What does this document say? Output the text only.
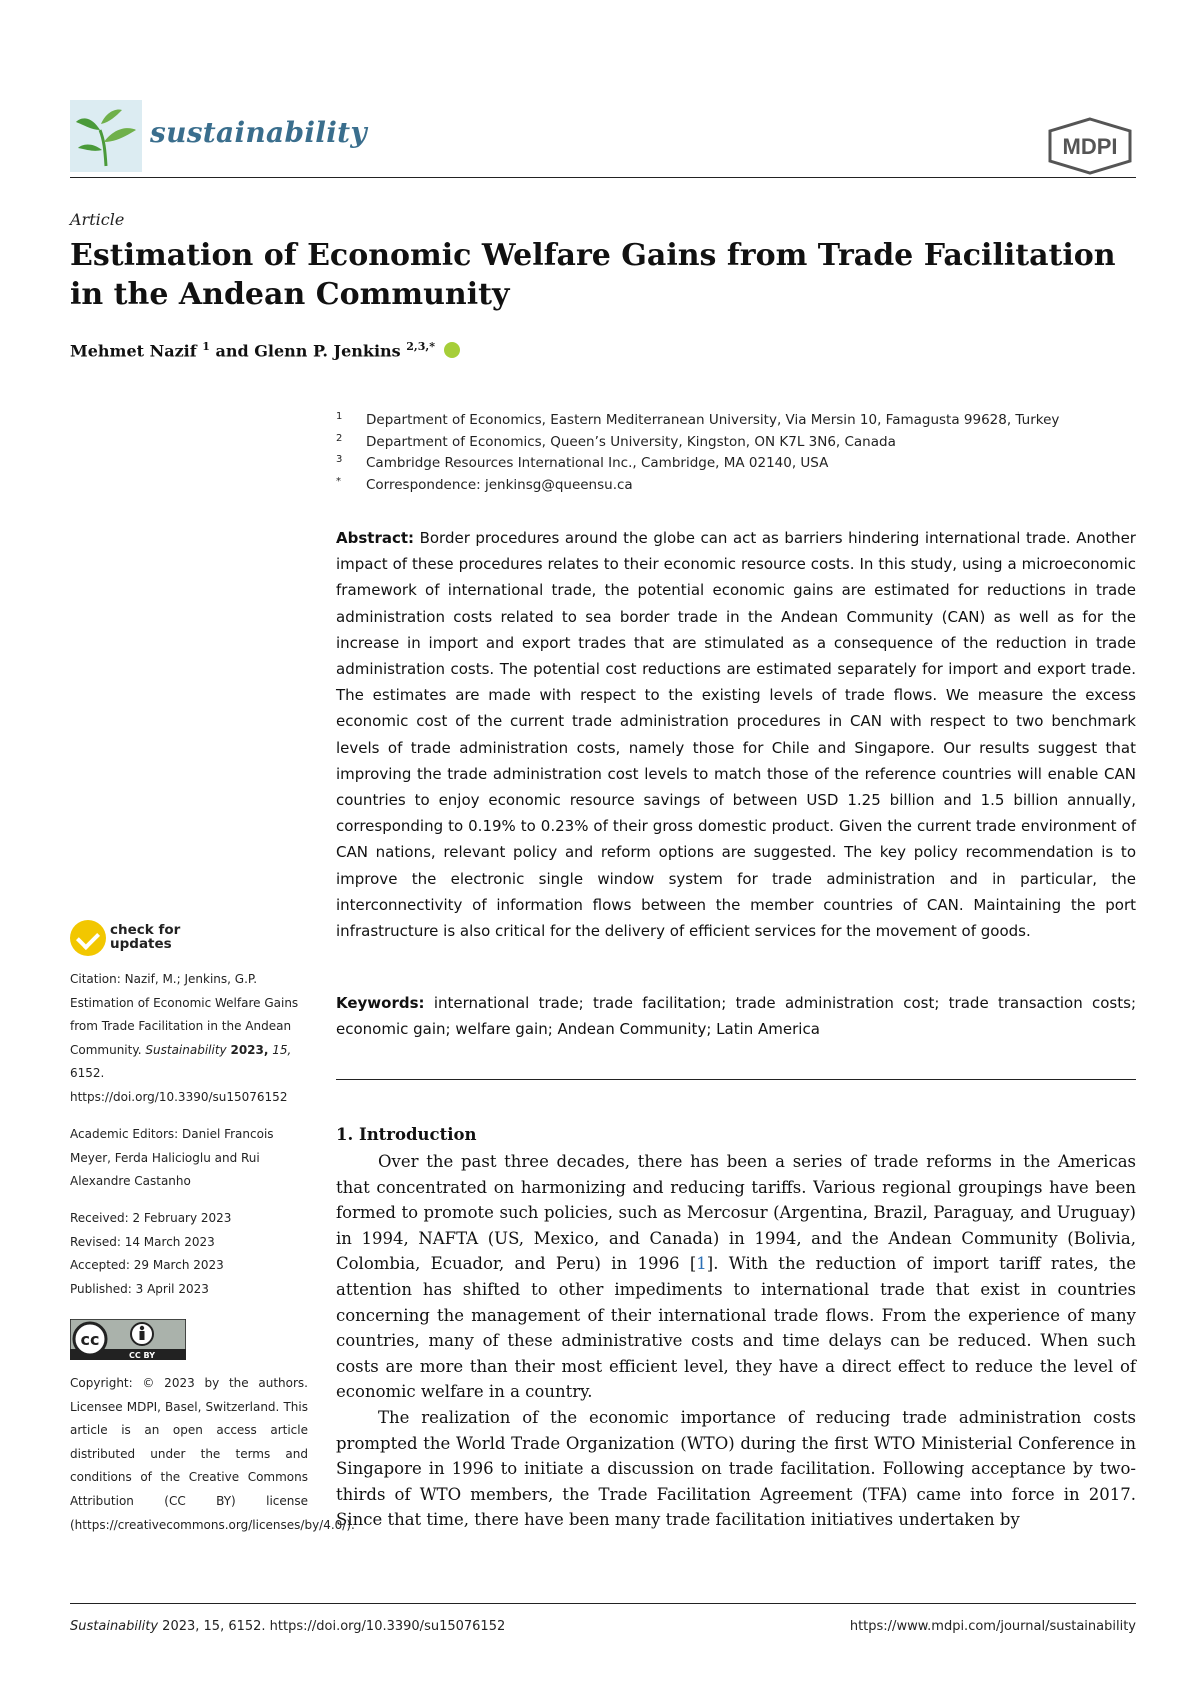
sustainability	MDPI
Article
Estimation of Economic Welfare Gains from Trade Facilitation in the Andean Community
Mehmet Nazif $^1$ and Glenn P. Jenkins $^{2,3,*}$
1 Department of Economics, Eastern Mediterranean University, Via Mersin 10, Famagusta 99628, Turkey
2 Department of Economics, Queen’s University, Kingston, ON K7L 3N6, Canada
3 Cambridge Resources International Inc., Cambridge, MA 02140, USA
* Correspondence: jenkinsg@queensu.ca
Abstract: Border procedures around the globe can act as barriers hindering international trade. Another impact of these procedures relates to their economic resource costs. In this study, using a microeconomic framework of international trade, the potential economic gains are estimated for reductions in trade administration costs related to sea border trade in the Andean Community (CAN) as well as for the increase in import and export trades that are stimulated as a consequence of the reduction in trade administration costs. The potential cost reductions are estimated separately for import and export trade. The estimates are made with respect to the existing levels of trade flows. We measure the excess economic cost of the current trade administration procedures in CAN with respect to two benchmark levels of trade administration costs, namely those for Chile and Singapore. Our results suggest that improving the trade administration cost levels to match those of the reference countries will enable CAN countries to enjoy economic resource savings of between USD 1.25 billion and 1.5 billion annually, corresponding to 0.19% to 0.23% of their gross domestic product. Given the current trade environment of CAN nations, relevant policy and reform options are suggested. The key policy recommendation is to improve the electronic single window system for trade administration and in particular, the interconnectivity of information flows between the member countries of CAN. Maintaining the port infrastructure is also critical for the delivery of efficient services for the movement of goods.
Keywords: international trade; trade facilitation; trade administration cost; trade transaction costs; economic gain; welfare gain; Andean Community; Latin America
1. Introduction

Over the past three decades, there has been a series of trade reforms in the Americas that concentrated on harmonizing and reducing tariffs. Various regional groupings have been formed to promote such policies, such as Mercosur (Argentina, Brazil, Paraguay, and Uruguay) in 1994, NAFTA (US, Mexico, and Canada) in 1994, and the Andean Community (Bolivia, Colombia, Ecuador, and Peru) in 1996 [1]. With the reduction of import tariff rates, the attention has shifted to other impediments to international trade that exist in countries concerning the management of their international trade flows. From the experience of many countries, many of these administrative costs and time delays can be reduced. When such costs are more than their most efficient level, they have a direct effect to reduce the level of economic welfare in a country.

The realization of the economic importance of reducing trade administration costs prompted the World Trade Organization (WTO) during the first WTO Ministerial Conference in Singapore in 1996 to initiate a discussion on trade facilitation. Following acceptance by two-thirds of WTO members, the Trade Facilitation Agreement (TFA) came into force in 2017. Since that time, there have been many trade facilitation initiatives undertaken by

check for updates
Citation: Nazif, M.; Jenkins, G.P. Estimation of Economic Welfare Gains from Trade Facilitation in the Andean Community. Sustainability 2023, 15, 6152. https://doi.org/10.3390/su15076152
Academic Editors: Daniel Francois Meyer, Ferda Halicioglu and Rui Alexandre Castanho
Received: 2 February 2023
Revised: 14 March 2023
Accepted: 29 March 2023
Published: 3 April 2023
cc
CC BY
Copyright: © 2023 by the authors. Licensee MDPI, Basel, Switzerland. This article is an open access article distributed under the terms and conditions of the Creative Commons Attribution (CC BY) license (https://creativecommons.org/licenses/by/4.0/).
Sustainability 2023, 15, 6152. https://doi.org/10.3390/su15076152	https://www.mdpi.com/journal/sustainability
